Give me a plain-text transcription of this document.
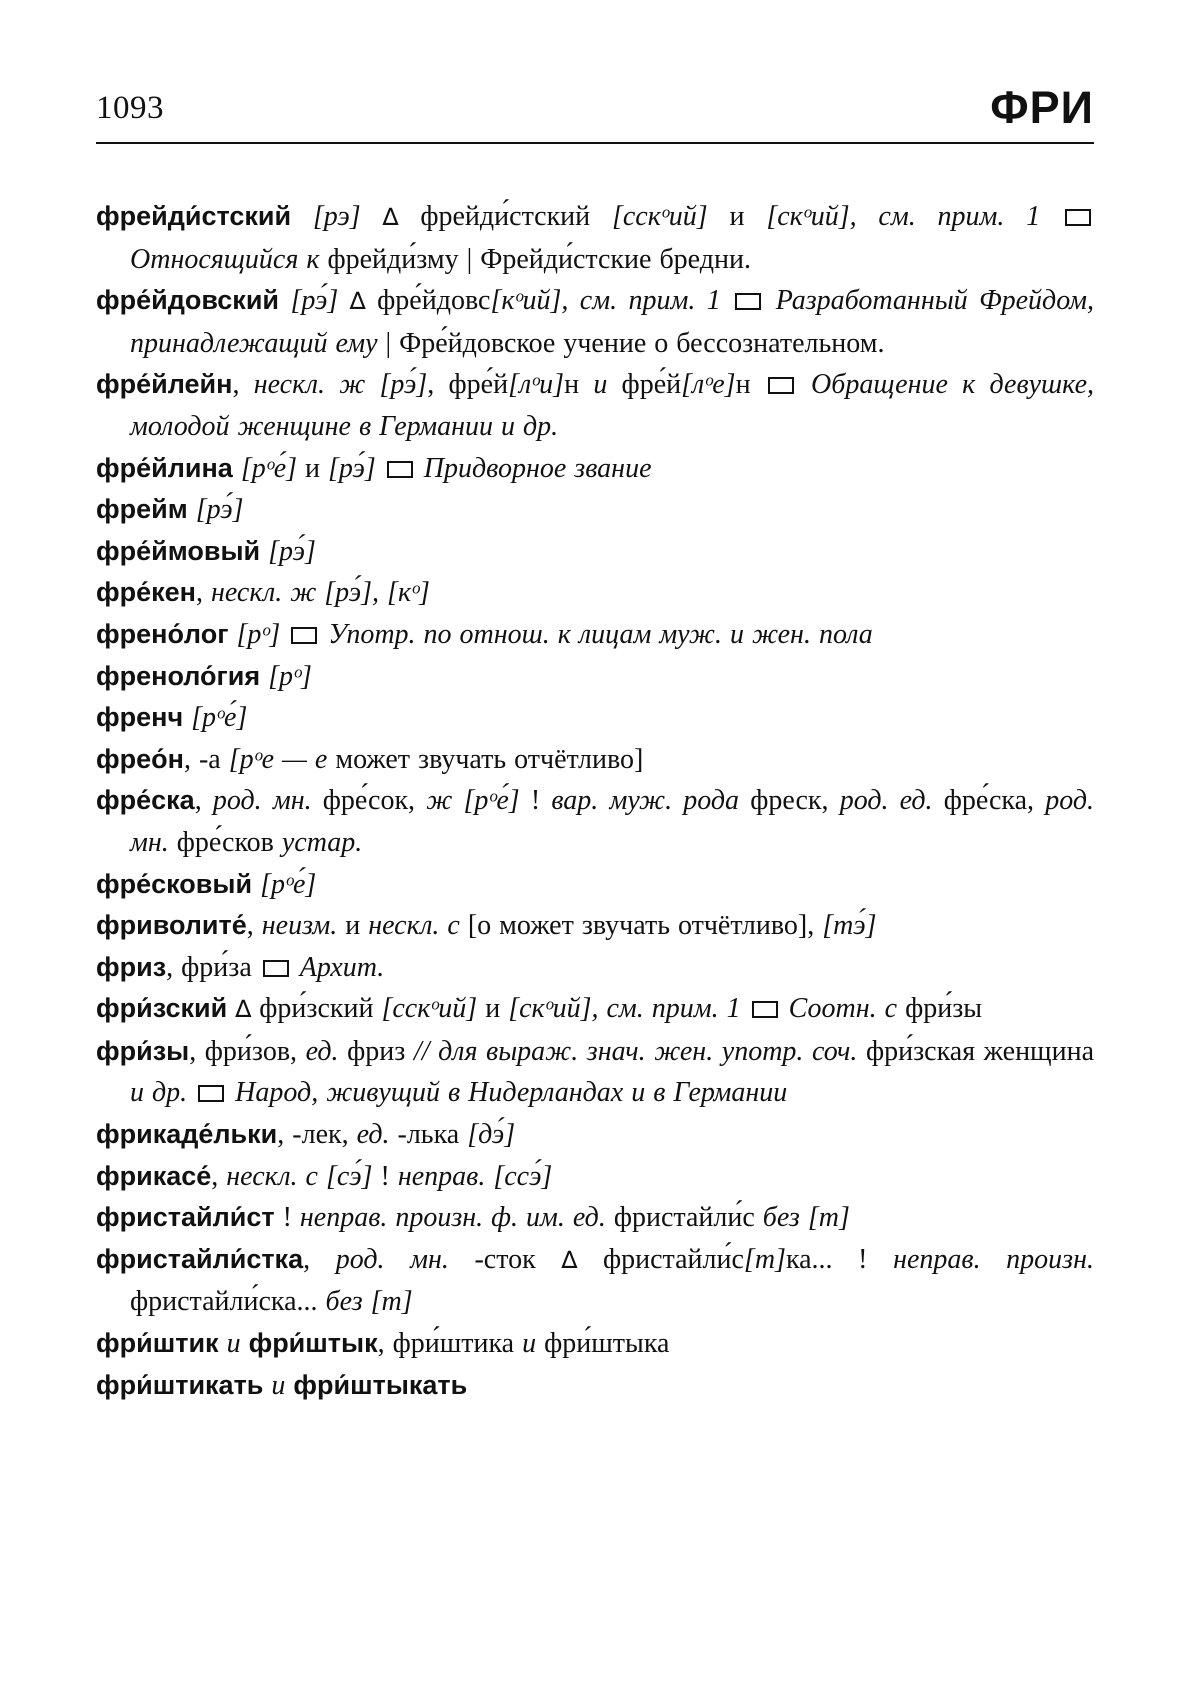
1093	ФРИ
фрейди́стский [рэ] ∆ фрейди́стский [сскᵒий] и [скᵒий], см. прим. 1  Относящийся к фрейди́зму | Фрейди́стские бредни.
фре́йдовский [рэ́] ∆ фре́йдовс[кᵒий], см. прим. 1 Разработанный Фрейдом, принадлежащий ему | Фре́йдовское учение о бессознательном.
фре́йлейн, нескл. ж [рэ́], фре́й[лᵒи]н и фре́й[лᵒе]н  Обращение к девушке, молодой женщине в Германии и др.
фре́йлина [рᵒе́] и [рэ́] Придворное звание
фрейм [рэ́]
фре́ймовый [рэ́]
фре́кен, нескл. ж [рэ́], [кᵒ]
френо́лог [рᵒ] Употр. по отнош. к лицам муж. и жен. пола
френоло́гия [рᵒ]
френч [рᵒе́]
фрео́н, -а [рᵒе — е может звучать отчётливо]
фре́ска, род. мн. фре́сок, ж [рᵒе́] ! вар. муж. рода фреск, род. ед. фре́ска, род. мн. фре́сков устар.
фре́сковый [рᵒе́]
фриволите́, неизм. и нескл. с [о может звучать отчётливо], [тэ́]
фриз, фри́за  Архит.
фри́зский ∆ фри́зский [сскᵒий] и [скᵒий], см. прим. 1 Соотн. с фри́зы
фри́зы, фри́зов, ед. фриз // для выраж. знач. жен. употр. соч. фри́зская женщина и др. Народ, живущий в Нидерландах и в Германии
фрикаде́льки, -лек, ед. -лька [дэ́]
фрикасе́, нескл. с [сэ́] ! неправ. [ссэ́]
фристайли́ст ! неправ. произн. ф. им. ед. фристайли́с без [т]
фристайли́стка, род. мн. -сток ∆ фристайли́с[т]ка... ! неправ. произн. фристайли́ска... без [т]
фри́штик и фри́штык, фри́штика и фри́штыка
фри́штикать и фри́штыкать
